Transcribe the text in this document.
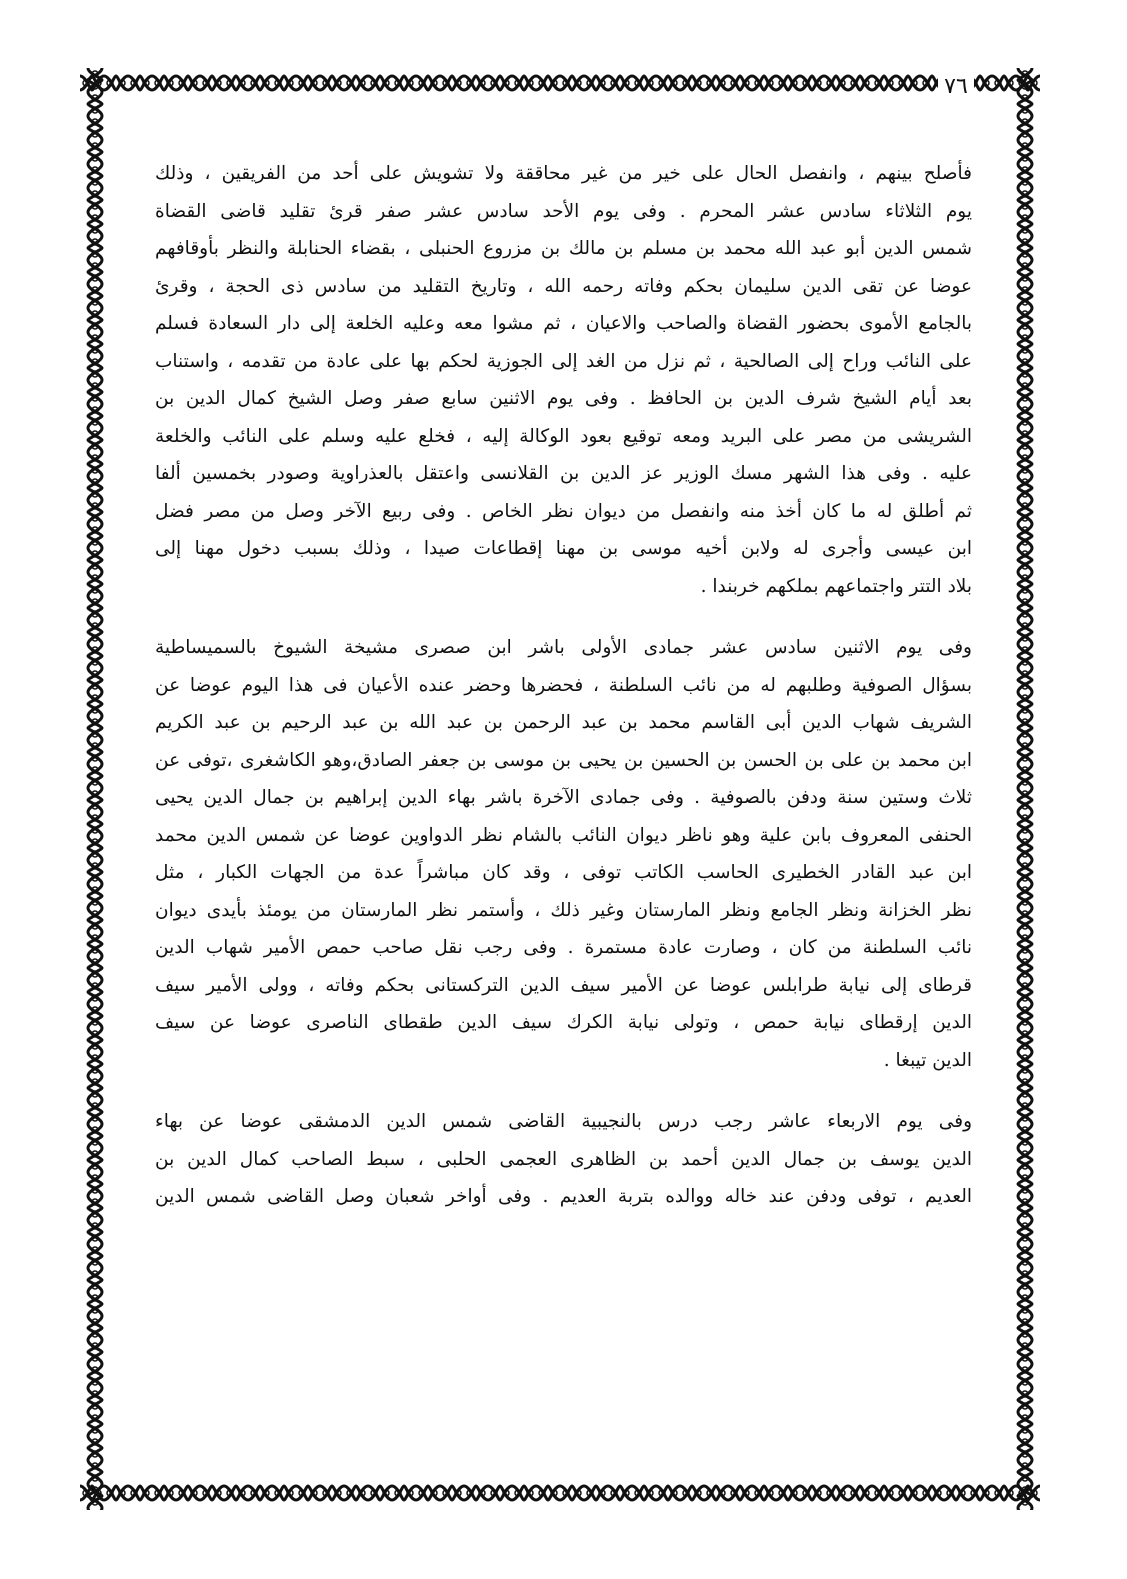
٧٦
فأصلح بينهم ، وانفصل الحال على خير من غير محاققة ولا تشويش على أحد من الفريقين ، وذلك
يوم الثلاثاء سادس عشر المحرم . وفى يوم الأحد سادس عشر صفر قرئ تقليد قاضى القضاة
شمس الدين أبو عبد الله محمد بن مسلم بن مالك بن مزروع الحنبلى ، بقضاء الحنابلة والنظر بأوقافهم
عوضا عن تقى الدين سليمان بحكم وفاته رحمه الله ، وتاريخ التقليد من سادس ذى الحجة ، وقرئ
بالجامع الأموى بحضور القضاة والصاحب والاعيان ، ثم مشوا معه وعليه الخلعة إلى دار السعادة فسلم
على النائب وراح إلى الصالحية ، ثم نزل من الغد إلى الجوزية لحكم بها على عادة من تقدمه ، واستناب
بعد أيام الشيخ شرف الدين بن الحافظ . وفى يوم الاثنين سابع صفر وصل الشيخ كمال الدين بن
الشريشى من مصر على البريد ومعه توقيع بعود الوكالة إليه ، فخلع عليه وسلم على النائب والخلعة
عليه . وفى هذا الشهر مسك الوزير عز الدين بن القلانسى واعتقل بالعذراوية وصودر بخمسين ألفا
ثم أطلق له ما كان أخذ منه وانفصل من ديوان نظر الخاص . وفى ربيع الآخر وصل من مصر فضل
ابن عيسى وأجرى له ولابن أخيه موسى بن مهنا إقطاعات صيدا ، وذلك بسبب دخول مهنا إلى
بلاد التتر واجتماعهم بملكهم خربندا .
وفى يوم الاثنين سادس عشر جمادى الأولى باشر ابن صصرى مشيخة الشيوخ بالسميساطية
بسؤال الصوفية وطلبهم له من نائب السلطنة ، فحضرها وحضر عنده الأعيان فى هذا اليوم عوضا عن
الشريف شهاب الدين أبى القاسم محمد بن عبد الرحمن بن عبد الله بن عبد الرحيم بن عبد الكريم
ابن محمد بن على بن الحسن بن الحسين بن يحيى بن موسى بن جعفر الصادق،وهو الكاشغرى ،توفى عن
ثلاث وستين سنة ودفن بالصوفية . وفى جمادى الآخرة باشر بهاء الدين إبراهيم بن جمال الدين يحيى
الحنفى المعروف بابن علية وهو ناظر ديوان النائب بالشام نظر الدواوين عوضا عن شمس الدين محمد
ابن عبد القادر الخطيرى الحاسب الكاتب توفى ، وقد كان مباشراً عدة من الجهات الكبار ، مثل
نظر الخزانة ونظر الجامع ونظر المارستان وغير ذلك ، وأستمر نظر المارستان من يومئذ بأيدى ديوان
نائب السلطنة من كان ، وصارت عادة مستمرة . وفى رجب نقل صاحب حمص الأمير شهاب الدين
قرطاى إلى نيابة طرابلس عوضا عن الأمير سيف الدين التركستانى بحكم وفاته ، وولى الأمير سيف
الدين إرقطاى نيابة حمص ، وتولى نيابة الكرك سيف الدين طقطاى الناصرى عوضا عن سيف
الدين تيبغا .
وفى يوم الاربعاء عاشر رجب درس بالنجيبية القاضى شمس الدين الدمشقى عوضا عن بهاء
الدين يوسف بن جمال الدين أحمد بن الظاهرى العجمى الحلبى ، سبط الصاحب كمال الدين بن
العديم ، توفى ودفن عند خاله ووالده بتربة العديم . وفى أواخر شعبان وصل القاضى شمس الدين
